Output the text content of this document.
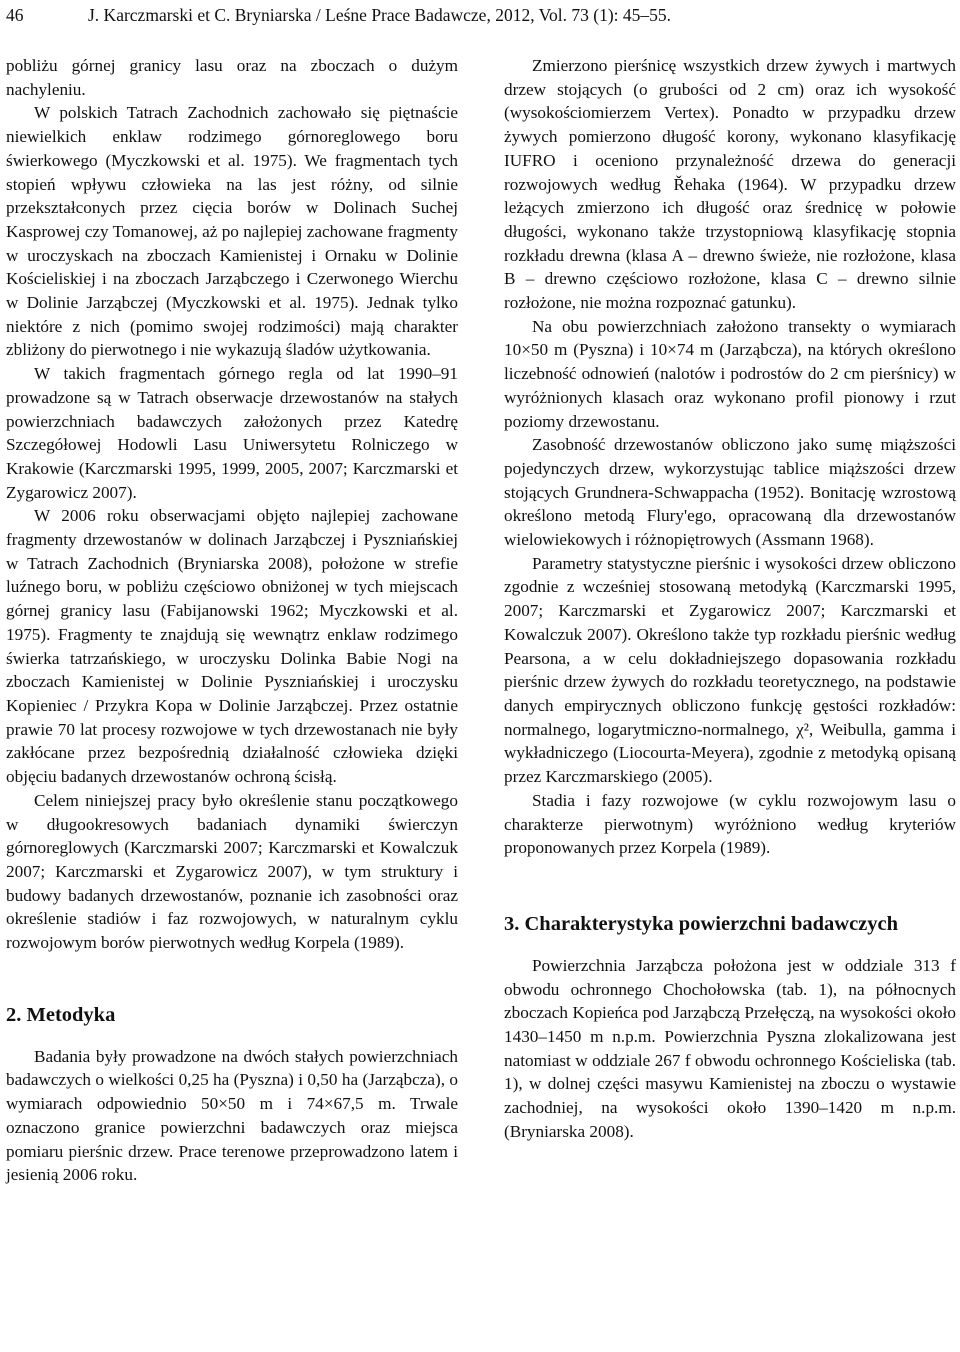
46	J. Karczmarski et C. Bryniarska / Leśne Prace Badawcze, 2012, Vol. 73 (1): 45–55.

pobliżu górnej granicy lasu oraz na zboczach o dużym nachyleniu.

W polskich Tatrach Zachodnich zachowało się piętnaście niewielkich enklaw rodzimego górnoreglowego boru świerkowego (Myczkowski et al. 1975). We fragmentach tych stopień wpływu człowieka na las jest różny, od silnie przekształconych przez cięcia borów w Dolinach Suchej Kasprowej czy Tomanowej, aż po najlepiej zachowane fragmenty w uroczyskach na zboczach Kamienistej i Ornaku w Dolinie Kościeliskiej i na zboczach Jarząbczego i Czerwonego Wierchu w Dolinie Jarząbczej (Myczkowski et al. 1975). Jednak tylko niektóre z nich (pomimo swojej rodzimości) mają charakter zbliżony do pierwotnego i nie wykazują śladów użytkowania.

W takich fragmentach górnego regla od lat 1990–91 prowadzone są w Tatrach obserwacje drzewostanów na stałych powierzchniach badawczych założonych przez Katedrę Szczegółowej Hodowli Lasu Uniwersytetu Rolniczego w Krakowie (Karczmarski 1995, 1999, 2005, 2007; Karczmarski et Zygarowicz 2007).

W 2006 roku obserwacjami objęto najlepiej zachowane fragmenty drzewostanów w dolinach Jarząbczej i Pyszniańskiej w Tatrach Zachodnich (Bryniarska 2008), położone w strefie luźnego boru, w pobliżu częściowo obniżonej w tych miejscach górnej granicy lasu (Fabijanowski 1962; Myczkowski et al. 1975). Fragmenty te znajdują się wewnątrz enklaw rodzimego świerka tatrzańskiego, w uroczysku Dolinka Babie Nogi na zboczach Kamienistej w Dolinie Pyszniańskiej i uroczysku Kopieniec / Przykra Kopa w Dolinie Jarząbczej. Przez ostatnie prawie 70 lat procesy rozwojowe w tych drzewostanach nie były zakłócane przez bezpośrednią działalność człowieka dzięki objęciu badanych drzewostanów ochroną ścisłą.

Celem niniejszej pracy było określenie stanu początkowego w długookresowych badaniach dynamiki świerczyn górnoreglowych (Karczmarski 2007; Karczmarski et Kowalczuk 2007; Karczmarski et Zygarowicz 2007), w tym struktury i budowy badanych drzewostanów, poznanie ich zasobności oraz określenie stadiów i faz rozwojowych, w naturalnym cyklu rozwojowym borów pierwotnych według Korpela (1989).

2. Metodyka

Badania były prowadzone na dwóch stałych powierzchniach badawczych o wielkości 0,25 ha (Pyszna) i 0,50 ha (Jarząbcza), o wymiarach odpowiednio 50×50 m i 74×67,5 m. Trwale oznaczono granice powierzchni badawczych oraz miejsca pomiaru pierśnic drzew. Prace terenowe przeprowadzono latem i jesienią 2006 roku.

Zmierzono pierśnicę wszystkich drzew żywych i martwych drzew stojących (o grubości od 2 cm) oraz ich wysokość (wysokościomierzem Vertex). Ponadto w przypadku drzew żywych pomierzono długość korony, wykonano klasyfikację IUFRO i oceniono przynależność drzewa do generacji rozwojowych według Řehaka (1964). W przypadku drzew leżących zmierzono ich długość oraz średnicę w połowie długości, wykonano także trzystopniową klasyfikację stopnia rozkładu drewna (klasa A – drewno świeże, nie rozłożone, klasa B – drewno częściowo rozłożone, klasa C – drewno silnie rozłożone, nie można rozpoznać gatunku).

Na obu powierzchniach założono transekty o wymiarach 10×50 m (Pyszna) i 10×74 m (Jarząbcza), na których określono liczebność odnowień (nalotów i podrostów do 2 cm pierśnicy) w wyróżnionych klasach oraz wykonano profil pionowy i rzut poziomy drzewostanu.

Zasobność drzewostanów obliczono jako sumę miąższości pojedynczych drzew, wykorzystując tablice miąższości drzew stojących Grundnera-Schwappacha (1952). Bonitację wzrostową określono metodą Flury'ego, opracowaną dla drzewostanów wielowiekowych i różnopiętrowych (Assmann 1968).

Parametry statystyczne pierśnic i wysokości drzew obliczono zgodnie z wcześniej stosowaną metodyką (Karczmarski 1995, 2007; Karczmarski et Zygarowicz 2007; Karczmarski et Kowalczuk 2007). Określono także typ rozkładu pierśnic według Pearsona, a w celu dokładniejszego dopasowania rozkładu pierśnic drzew żywych do rozkładu teoretycznego, na podstawie danych empirycznych obliczono funkcję gęstości rozkładów: normalnego, logarytmiczno-normalnego, χ², Weibulla, gamma i wykładniczego (Liocourta-Meyera), zgodnie z metodyką opisaną przez Karczmarskiego (2005).

Stadia i fazy rozwojowe (w cyklu rozwojowym lasu o charakterze pierwotnym) wyróżniono według kryteriów proponowanych przez Korpela (1989).

3. Charakterystyka powierzchni badawczych

Powierzchnia Jarząbcza położona jest w oddziale 313 f obwodu ochronnego Chochołowska (tab. 1), na północnych zboczach Kopieńca pod Jarząbczą Przełęczą, na wysokości około 1430–1450 m n.p.m. Powierzchnia Pyszna zlokalizowana jest natomiast w oddziale 267 f obwodu ochronnego Kościeliska (tab. 1), w dolnej części masywu Kamienistej na zboczu o wystawie zachodniej, na wysokości około 1390–1420 m n.p.m. (Bryniarska 2008).
